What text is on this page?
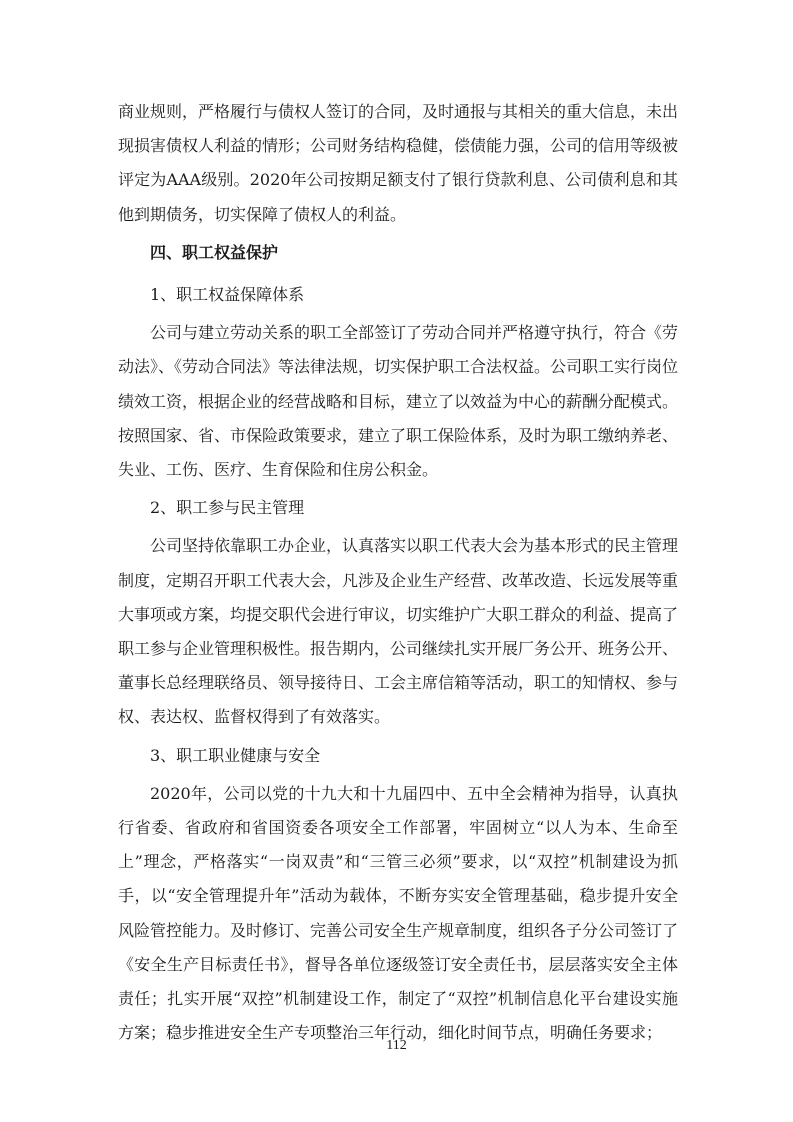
商业规则，严格履行与债权人签订的合同，及时通报与其相关的重大信息，未出现损害债权人利益的情形；公司财务结构稳健，偿债能力强，公司的信用等级被评定为AAA级别。2020年公司按期足额支付了银行贷款利息、公司债利息和其他到期债务，切实保障了债权人的利益。

四、职工权益保护
1、职工权益保障体系

公司与建立劳动关系的职工全部签订了劳动合同并严格遵守执行，符合《劳动法》、《劳动合同法》等法律法规，切实保护职工合法权益。公司职工实行岗位绩效工资，根据企业的经营战略和目标，建立了以效益为中心的薪酬分配模式。按照国家、省、市保险政策要求，建立了职工保险体系，及时为职工缴纳养老、失业、工伤、医疗、生育保险和住房公积金。

2、职工参与民主管理

公司坚持依靠职工办企业，认真落实以职工代表大会为基本形式的民主管理制度，定期召开职工代表大会，凡涉及企业生产经营、改革改造、长远发展等重大事项或方案，均提交职代会进行审议，切实维护广大职工群众的利益、提高了职工参与企业管理积极性。报告期内，公司继续扎实开展厂务公开、班务公开、董事长总经理联络员、领导接待日、工会主席信箱等活动，职工的知情权、参与权、表达权、监督权得到了有效落实。

3、职工职业健康与安全

2020年，公司以党的十九大和十九届四中、五中全会精神为指导，认真执行省委、省政府和省国资委各项安全工作部署，牢固树立“以人为本、生命至上”理念，严格落实“一岗双责”和“三管三必须”要求，以“双控”机制建设为抓手，以“安全管理提升年”活动为载体，不断夯实安全管理基础，稳步提升安全风险管控能力。及时修订、完善公司安全生产规章制度，组织各子分公司签订了《安全生产目标责任书》，督导各单位逐级签订安全责任书，层层落实安全主体责任；扎实开展“双控”机制建设工作，制定了“双控”机制信息化平台建设实施方案；稳步推进安全生产专项整治三年行动，细化时间节点，明确任务要求；

112
